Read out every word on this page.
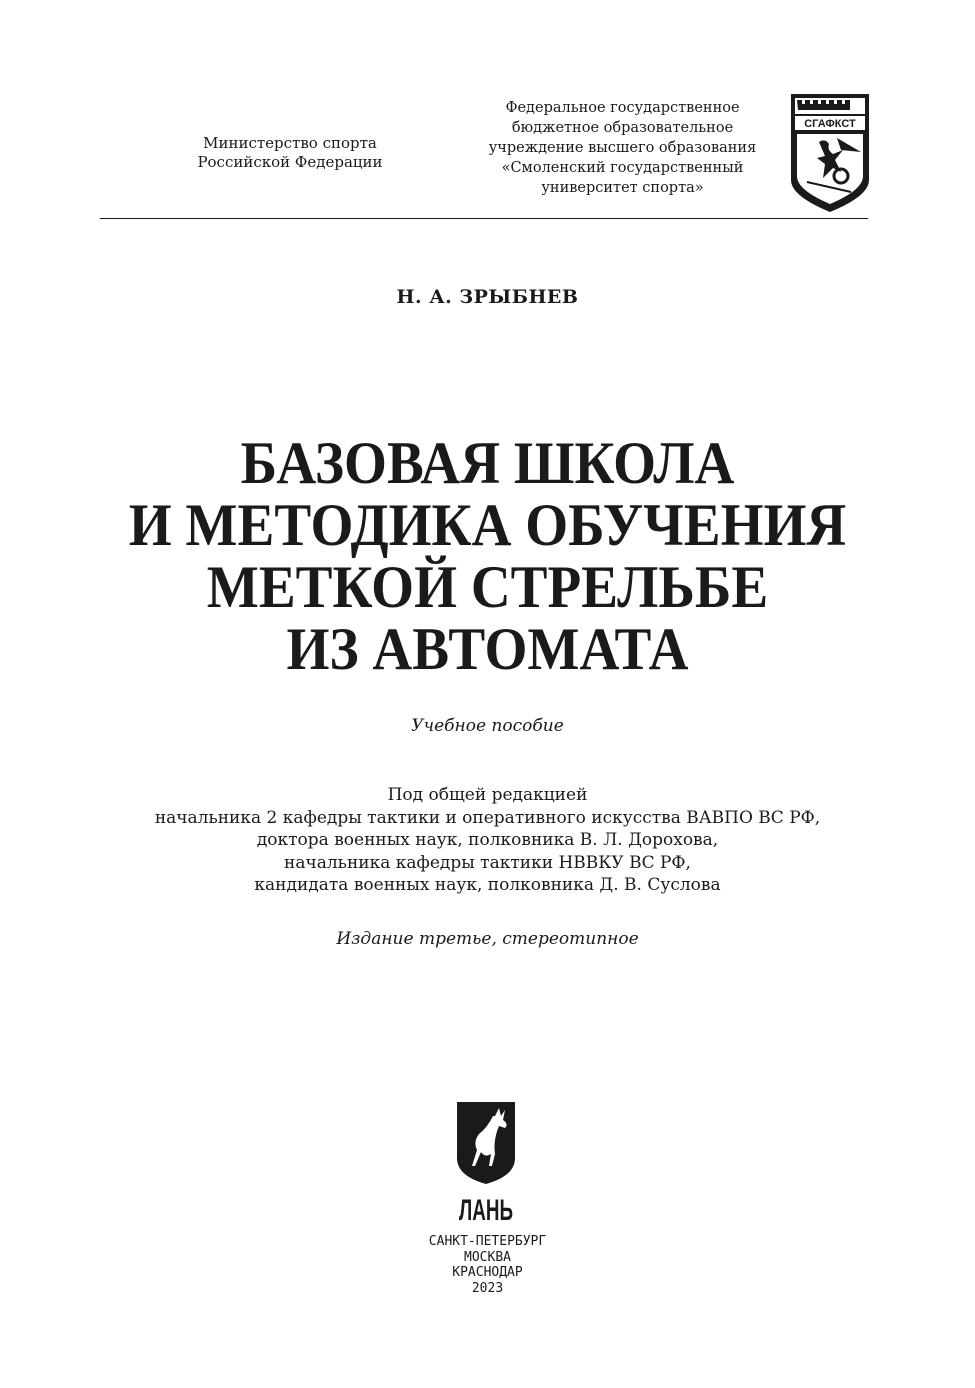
Министерство спорта
Российской Федерации
Федеральное государственное
бюджетное образовательное
учреждение высшего образования
«Смоленский государственный
университет спорта»
СГАФКСТ
Н. А. ЗРЫБНЕВ
БАЗОВАЯ ШКОЛА
И МЕТОДИКА ОБУЧЕНИЯ
МЕТКОЙ СТРЕЛЬБЕ
ИЗ АВТОМАТА
Учебное пособие
Под общей редакцией
начальника 2 кафедры тактики и оперативного искусства ВАВПО ВС РФ,
доктора военных наук, полковника В. Л. Дорохова,
начальника кафедры тактики НВВКУ ВС РФ,
кандидата военных наук, полковника Д. В. Суслова
Издание третье, стереотипное
ЛАНЬ
САНКТ-ПЕТЕРБУРГ
МОСКВА
КРАСНОДАР
2023
